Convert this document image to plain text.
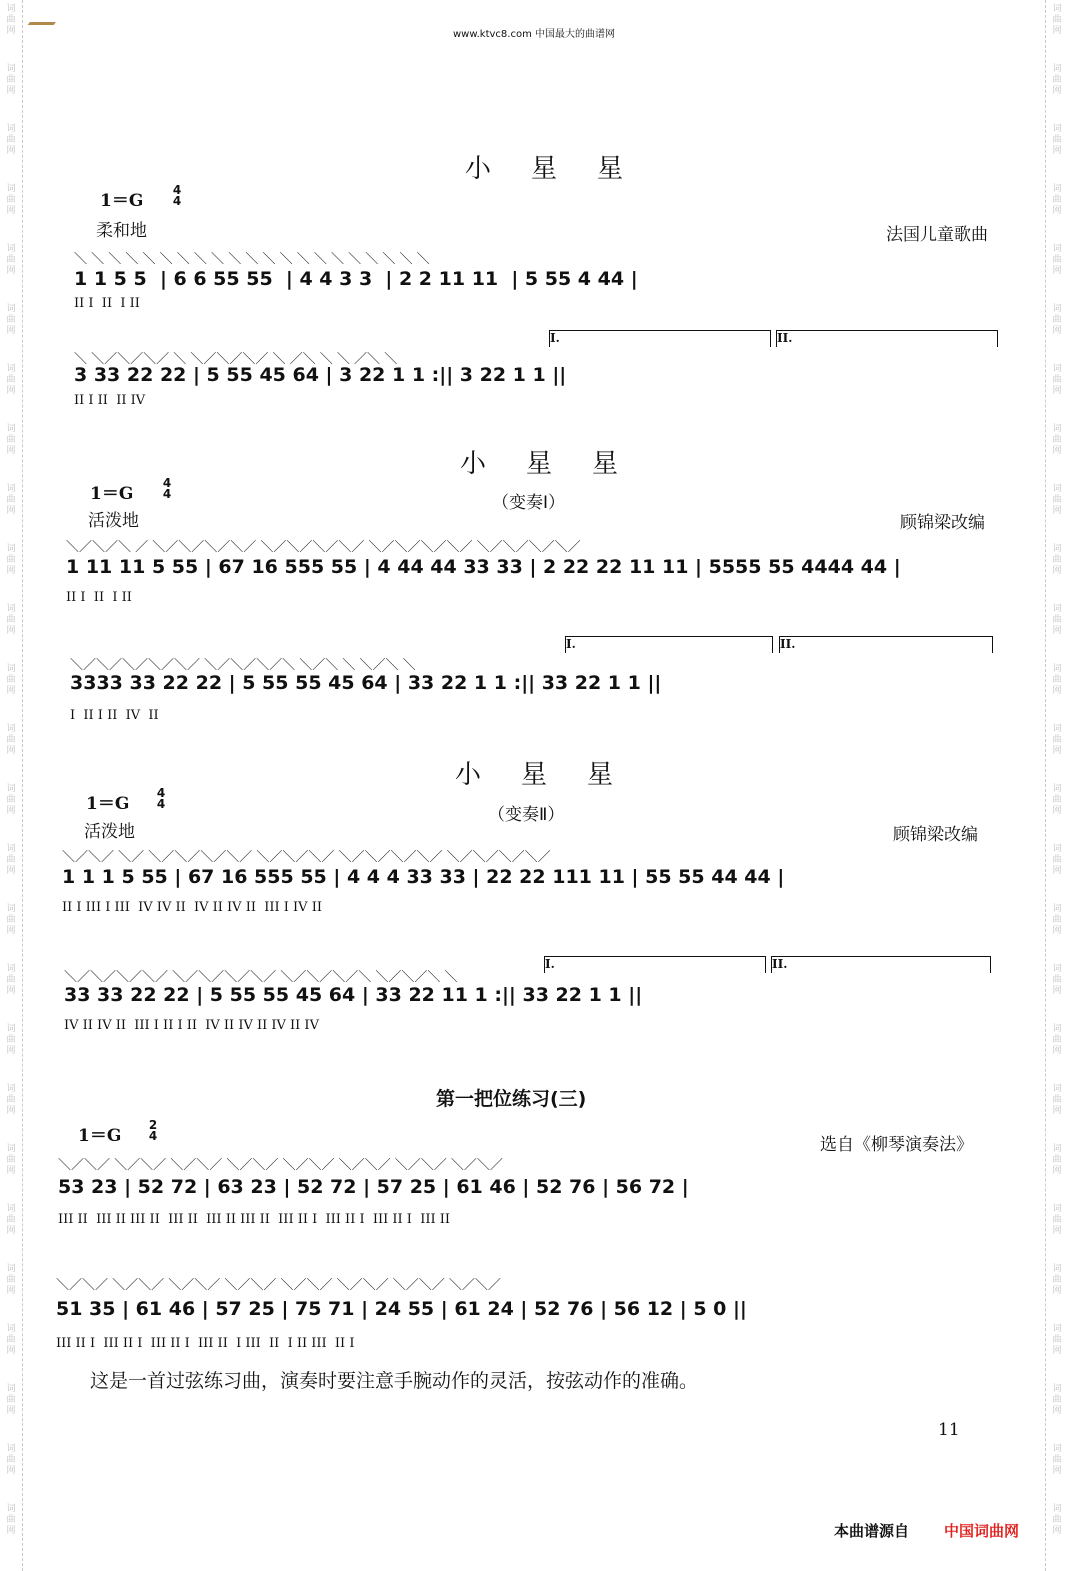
词
曲
网
词
曲
网
词
曲
网
词
曲
网
词
曲
网
词
曲
网
词
曲
网
词
曲
网
词
曲
网
词
曲
网
词
曲
网
词
曲
网
词
曲
网
词
曲
网
词
曲
网
词
曲
网
词
曲
网
词
曲
网
词
曲
网
词
曲
网
词
曲
网
词
曲
网
词
曲
网
词
曲
网
词
曲
网
词
曲
网
词
曲
网
词
曲
网
词
曲
网
词
曲
网
词
曲
网
词
曲
网
词
曲
网
词
曲
网
词
曲
网
词
曲
网
词
曲
网
词
曲
网
词
曲
网
词
曲
网
词
曲
网
词
曲
网
词
曲
网
词
曲
网
词
曲
网
词
曲
网
词
曲
网
词
曲
网
词
曲
网
词
曲
网
词
曲
网
词
曲
网
www.ktvc8.com 中国最大的曲谱网
小星星
1＝G
4
4
柔和地	法国儿童歌曲
＼ ＼ ＼ ＼ ＼ ＼ ＼ ＼ ＼ ＼ ＼ ＼ ＼ ＼ ＼ ＼ ＼ ＼ ＼ ＼ ＼
1 1 5 5  | 6 6 55 55  | 4 4 3 3  | 2 2 11 11  | 5 55 4 44 |
II I  II  I II
I.	II.
＼ ＼／＼／＼／ ＼ ＼／＼／＼／ ＼ ／＼ ＼ ＼ ／＼ ＼
3 33 22 22 | 5 55 45 64 | 3 22 1 1 :|| 3 22 1 1 ||
II I II  II IV
小星星
（变奏Ⅰ）
1＝G
4
4
活泼地	顾锦梁改编
＼／＼／＼ ／ ＼／＼／＼／＼／ ＼／＼／＼／＼／ ＼／＼／＼／＼／ ＼／＼／＼／＼／
1 11 11 5 55 | 67 16 555 55 | 4 44 44 33 33 | 2 22 22 11 11 | 5555 55 4444 44 |
II I  II  I II
I.	II.
＼／＼／＼／＼／＼／ ＼／＼／＼／＼ ＼／＼ ＼ ＼／＼ ＼
3333 33 22 22 | 5 55 55 45 64 | 33 22 1 1 :|| 33 22 1 1 ||
I  II I II  IV  II
小星星
（变奏Ⅱ）
1＝G
4
4
活泼地	顾锦梁改编
＼／＼／ ＼／ ＼／＼／＼／＼／ ＼／＼／＼／ ＼／＼／＼／＼／ ＼／＼／＼／＼／
1 1 1 5 55 | 67 16 555 55 | 4 4 4 33 33 | 22 22 111 11 | 55 55 44 44 |
II I III I III  IV IV II  IV II IV II  III I IV II
I.	II.
＼／＼／＼／＼／ ＼／＼／＼／＼／ ＼／＼／＼／＼ ＼／＼／＼ ＼
33 33 22 22 | 5 55 55 45 64 | 33 22 11 1 :|| 33 22 1 1 ||
IV II IV II  III I II I II  IV II IV II IV II IV
第一把位练习(三)
1＝G
2
4	选自《柳琴演奏法》
＼／＼／ ＼／＼／ ＼／＼／ ＼／＼／ ＼／＼／ ＼／＼／ ＼／＼／ ＼／＼／
53 23 | 52 72 | 63 23 | 52 72 | 57 25 | 61 46 | 52 76 | 56 72 |
III II  III II III II  III II  III II III II  III II I  III II I  III II I  III II
＼／＼／ ＼／＼／ ＼／＼／ ＼／＼／ ＼／＼／ ＼／＼／ ＼／＼／ ＼／＼／
51 35 | 61 46 | 57 25 | 75 71 | 24 55 | 61 24 | 52 76 | 56 12 | 5 0 ||
III II I  III II I  III II I  III II  I III  II  I II III  II I
这是一首过弦练习曲，演奏时要注意手腕动作的灵活，按弦动作的准确。
11
本曲谱源自 中国词曲网
